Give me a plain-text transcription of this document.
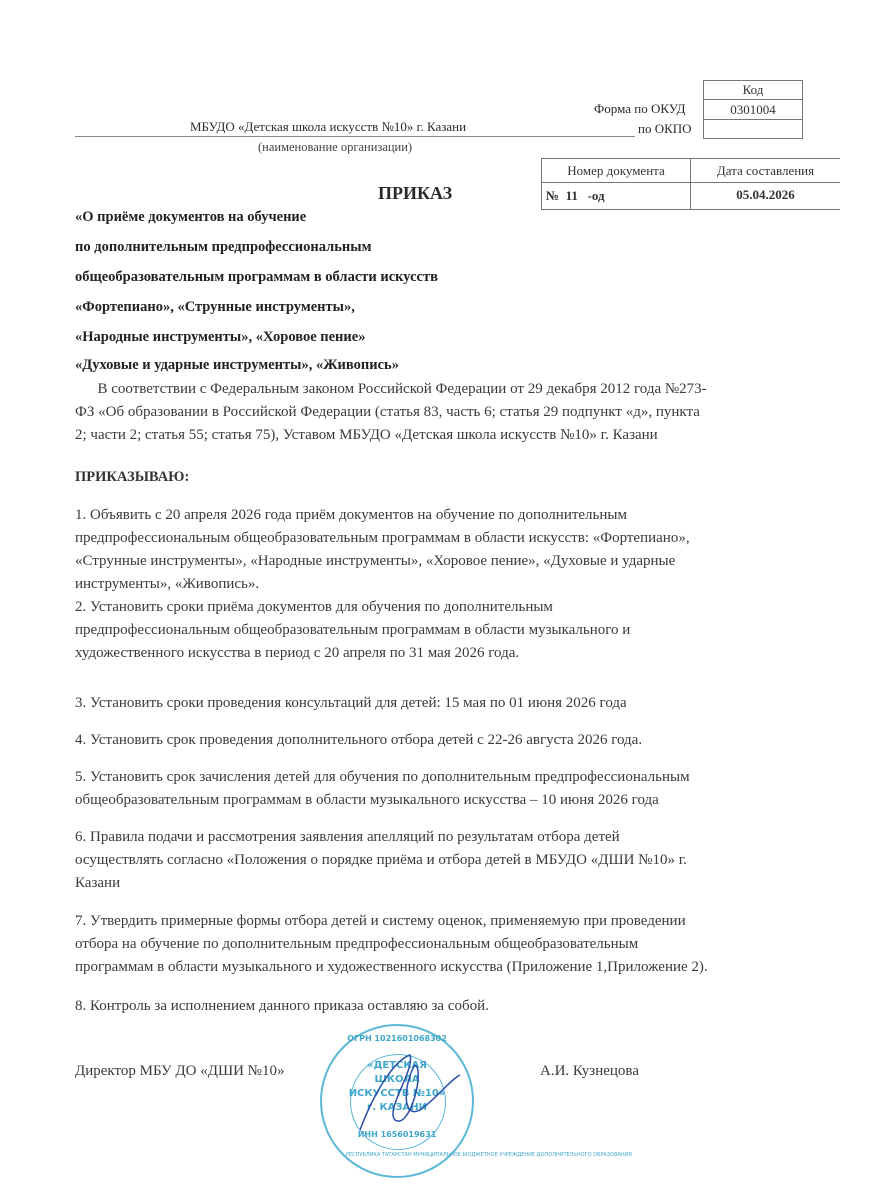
Код
Форма по ОКУД	0301004
по ОКПО
МБУДО «Детская школа искусств №10» г. Казани
(наименование организации)
Номер документа	Дата составления
№  11   -од	05.04.2026
ПРИКАЗ
«О приёме документов на обучение
по дополнительным предпрофессиональным
общеобразовательным программам в области искусств
«Фортепиано», «Струнные инструменты»,
«Народные инструменты», «Хоровое пение»
«Духовые и ударные инструменты», «Живопись»
В соответствии с Федеральным законом Российской Федерации от 29 декабря 2012 года №273-
ФЗ «Об образовании в Российской Федерации (статья 83, часть 6; статья 29 подпункт «д», пункта
2; части 2; статья 55; статья 75), Уставом МБУДО «Детская школа искусств №10» г. Казани
ПРИКАЗЫВАЮ:
1. Объявить с 20 апреля 2026 года приём документов на обучение по дополнительным
предпрофессиональным общеобразовательным программам в области искусств: «Фортепиано»,
«Струнные инструменты», «Народные инструменты», «Хоровое пение», «Духовые и ударные
инструменты», «Живопись».
2. Установить сроки приёма документов для обучения по дополнительным
предпрофессиональным общеобразовательным программам в области музыкального и
художественного искусства в период с 20 апреля по 31 мая 2026 года.
3. Установить сроки проведения консультаций для детей: 15 мая по 01 июня 2026 года
4. Установить срок проведения дополнительного отбора детей с 22-26 августа 2026 года.
5. Установить срок зачисления детей для обучения по дополнительным предпрофессиональным
общеобразовательным программам в области музыкального искусства – 10 июня 2026 года
6. Правила подачи и рассмотрения заявления апелляций по результатам отбора детей
осуществлять согласно «Положения о порядке приёма и отбора детей в МБУДО «ДШИ №10» г.
Казани
7. Утвердить примерные формы отбора детей и систему оценок, применяемую при проведении
отбора на обучение по дополнительным предпрофессиональным общеобразовательным
программам в области музыкального и художественного искусства (Приложение 1,Приложение 2).
8. Контроль за исполнением данного приказа оставляю за собой.
ОГРН 1021601068302
«ДЕТСКАЯ
ШКОЛА
ИСКУССТВ №10»
г. КАЗАНИ
ИНН 1656019631
РЕСПУБЛИКА ТАТАРСТАН МУНИЦИПАЛЬНОЕ БЮДЖЕТНОЕ УЧРЕЖДЕНИЕ ДОПОЛНИТЕЛЬНОГО ОБРАЗОВАНИЯ
Директор МБУ ДО «ДШИ №10»	А.И. Кузнецова
